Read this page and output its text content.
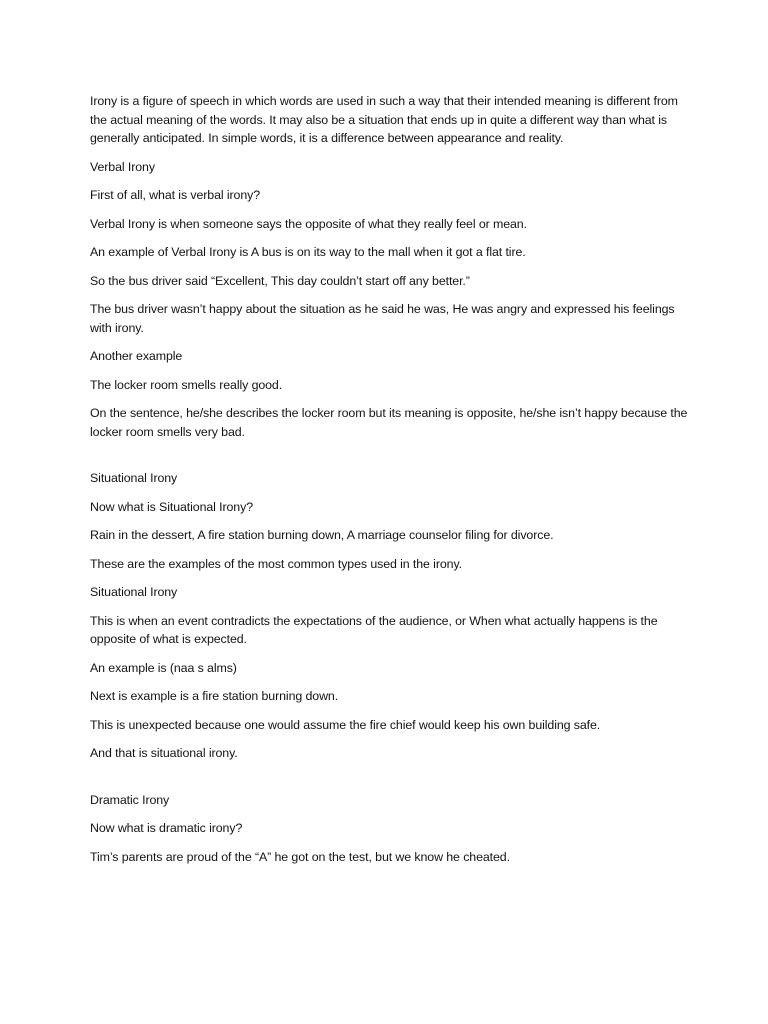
Irony is a figure of speech in which words are used in such a way that their intended meaning is different from the actual meaning of the words. It may also be a situation that ends up in quite a different way than what is generally anticipated. In simple words, it is a difference between appearance and reality.

Verbal Irony

First of all, what is verbal irony?

Verbal Irony is when someone says the opposite of what they really feel or mean.

An example of Verbal Irony is A bus is on its way to the mall when it got a flat tire.

So the bus driver said “Excellent, This day couldn’t start off any better.”

The bus driver wasn’t happy about the situation as he said he was, He was angry and expressed his feelings with irony.

Another example

The locker room smells really good.

On the sentence, he/she describes the locker room but its meaning is opposite, he/she isn’t happy because the locker room smells very bad.

Situational Irony

Now what is Situational Irony?

Rain in the dessert, A fire station burning down, A marriage counselor filing for divorce.

These are the examples of the most common types used in the irony.

Situational Irony

This is when an event contradicts the expectations of the audience, or When what actually happens is the opposite of what is expected.

An example is (naa s alms)

Next is example is a fire station burning down.

This is unexpected because one would assume the fire chief would keep his own building safe.

And that is situational irony.

Dramatic Irony

Now what is dramatic irony?

Tim’s parents are proud of the “A” he got on the test, but we know he cheated.
